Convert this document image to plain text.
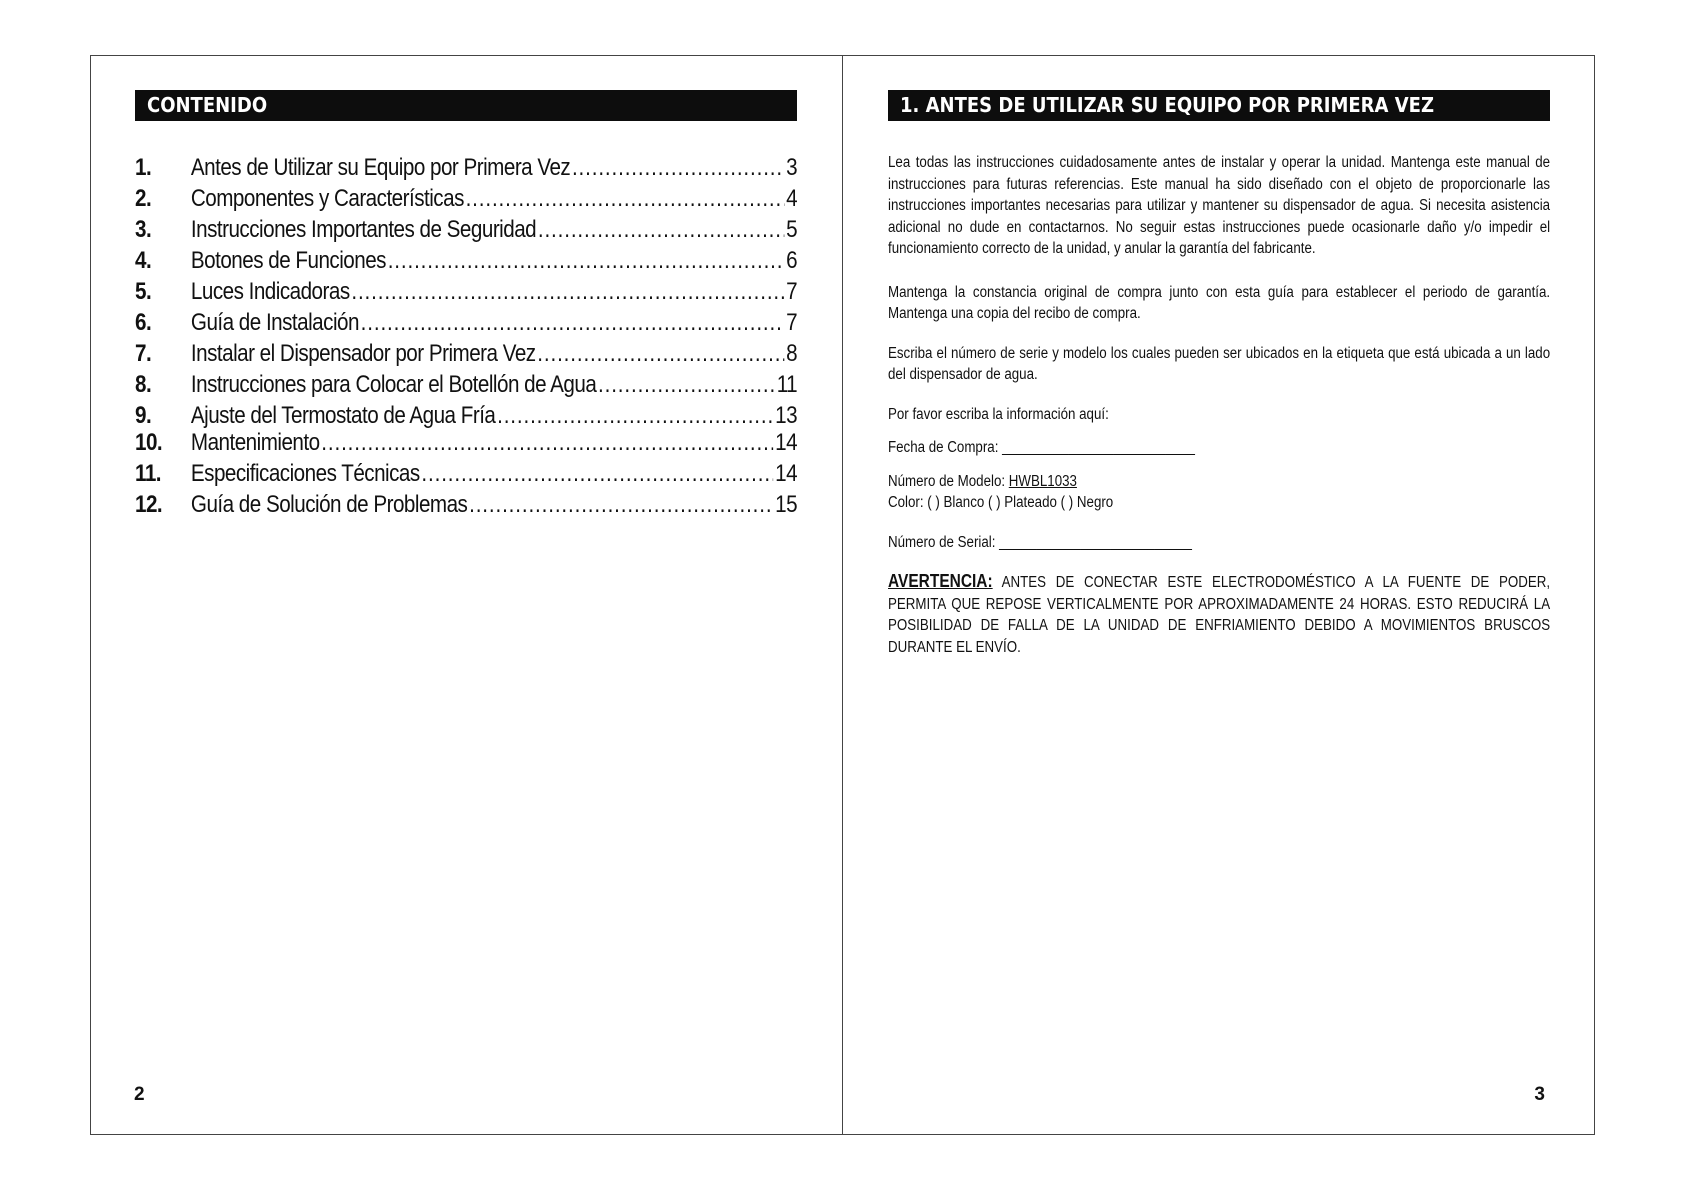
CONTENIDO
1.	Antes de Utilizar su Equipo por Primera Vez .....	3
2.	Componentes y Características .....	4
3.	Instrucciones Importantes de Seguridad .....	5
4.	Botones de Funciones .....	6
5.	Luces Indicadoras .....	7
6.	Guía de Instalación .....	7
7.	Instalar el Dispensador por Primera Vez .....	8
8.	Instrucciones para Colocar el Botellón de Agua .....	11
9.	Ajuste del Termostato de Agua Fría .....	13
10.	Mantenimiento .....	14
11.	Especificaciones Técnicas .....	14
12.	Guía de Solución de Problemas .....	15
2
1. ANTES DE UTILIZAR SU EQUIPO POR PRIMERA VEZ

Lea todas las instrucciones cuidadosamente antes de instalar y operar la unidad. Mantenga este manual de instrucciones para futuras referencias. Este manual ha sido diseñado con el objeto de proporcionarle las instrucciones importantes necesarias para utilizar y mantener su dispensador de agua. Si necesita asistencia adicional no dude en contactarnos. No seguir estas instrucciones puede ocasionarle daño y/o impedir el funcionamiento correcto de la unidad, y anular la garantía del fabricante.

Mantenga la constancia original de compra junto con esta guía para establecer el periodo de garantía. Mantenga una copia del recibo de compra.

Escriba el número de serie y modelo los cuales pueden ser ubicados en la etiqueta que está ubicada a un lado del dispensador de agua.

Por favor escriba la información aquí:

Fecha de Compra: __________________________

Número de Modelo: HWBL1033

Color: ( ) Blanco ( ) Plateado ( ) Negro

Número de Serial: __________________________

AVERTENCIA: ANTES DE CONECTAR ESTE ELECTRODOMÉSTICO A LA FUENTE DE PODER, PERMITA QUE REPOSE VERTICALMENTE POR APROXIMADAMENTE 24 HORAS. ESTO REDUCIRÁ LA POSIBILIDAD DE FALLA DE LA UNIDAD DE ENFRIAMIENTO DEBIDO A MOVIMIENTOS BRUSCOS DURANTE EL ENVÍO.

3
